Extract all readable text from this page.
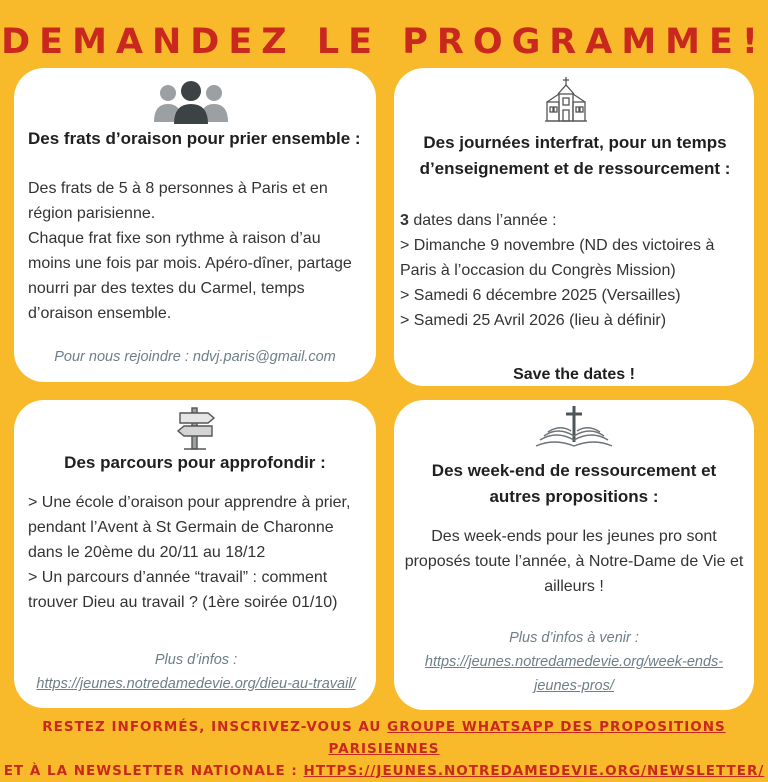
DEMANDEZ LE PROGRAMME!
Des frats d’oraison pour prier ensemble :

Des frats de 5 à 8 personnes à Paris et en région parisienne.

Chaque frat fixe son rythme à raison d’au moins une fois par mois. Apéro-dîner, partage nourri par des textes du Carmel, temps d’oraison ensemble.

Pour nous rejoindre : ndvj.paris@gmail.com
Des journées interfrat, pour un temps d’enseignement et de ressourcement :

3 dates dans l’année :

> Dimanche 9 novembre (ND des victoires à Paris à l’occasion du Congrès Mission)

> Samedi 6 décembre 2025 (Versailles)

> Samedi 25 Avril 2026 (lieu à définir)

Save the dates !
Des parcours pour approfondir :

> Une école d’oraison pour apprendre à prier, pendant l’Avent à St Germain de Charonne dans le 20ème du 20/11 au 18/12

> Un parcours d’année “travail” : comment trouver Dieu au travail ? (1ère soirée 01/10)

Plus d’infos : https://jeunes.notredamedevie.org/dieu-au-travail/
Des week-end de ressourcement et autres propositions :
Des week-ends pour les jeunes pro sont proposés toute l’année, à Notre-Dame de Vie et ailleurs !
Plus d’infos à venir :
https://jeunes.notredamedevie.org/week-ends-jeunes-pros/
RESTEZ INFORMÉS, INSCRIVEZ-VOUS AU GROUPE WHATSAPP DES PROPOSITIONS PARISIENNES
ET À LA NEWSLETTER NATIONALE : HTTPS://JEUNES.NOTREDAMEDEVIE.ORG/NEWSLETTER/
